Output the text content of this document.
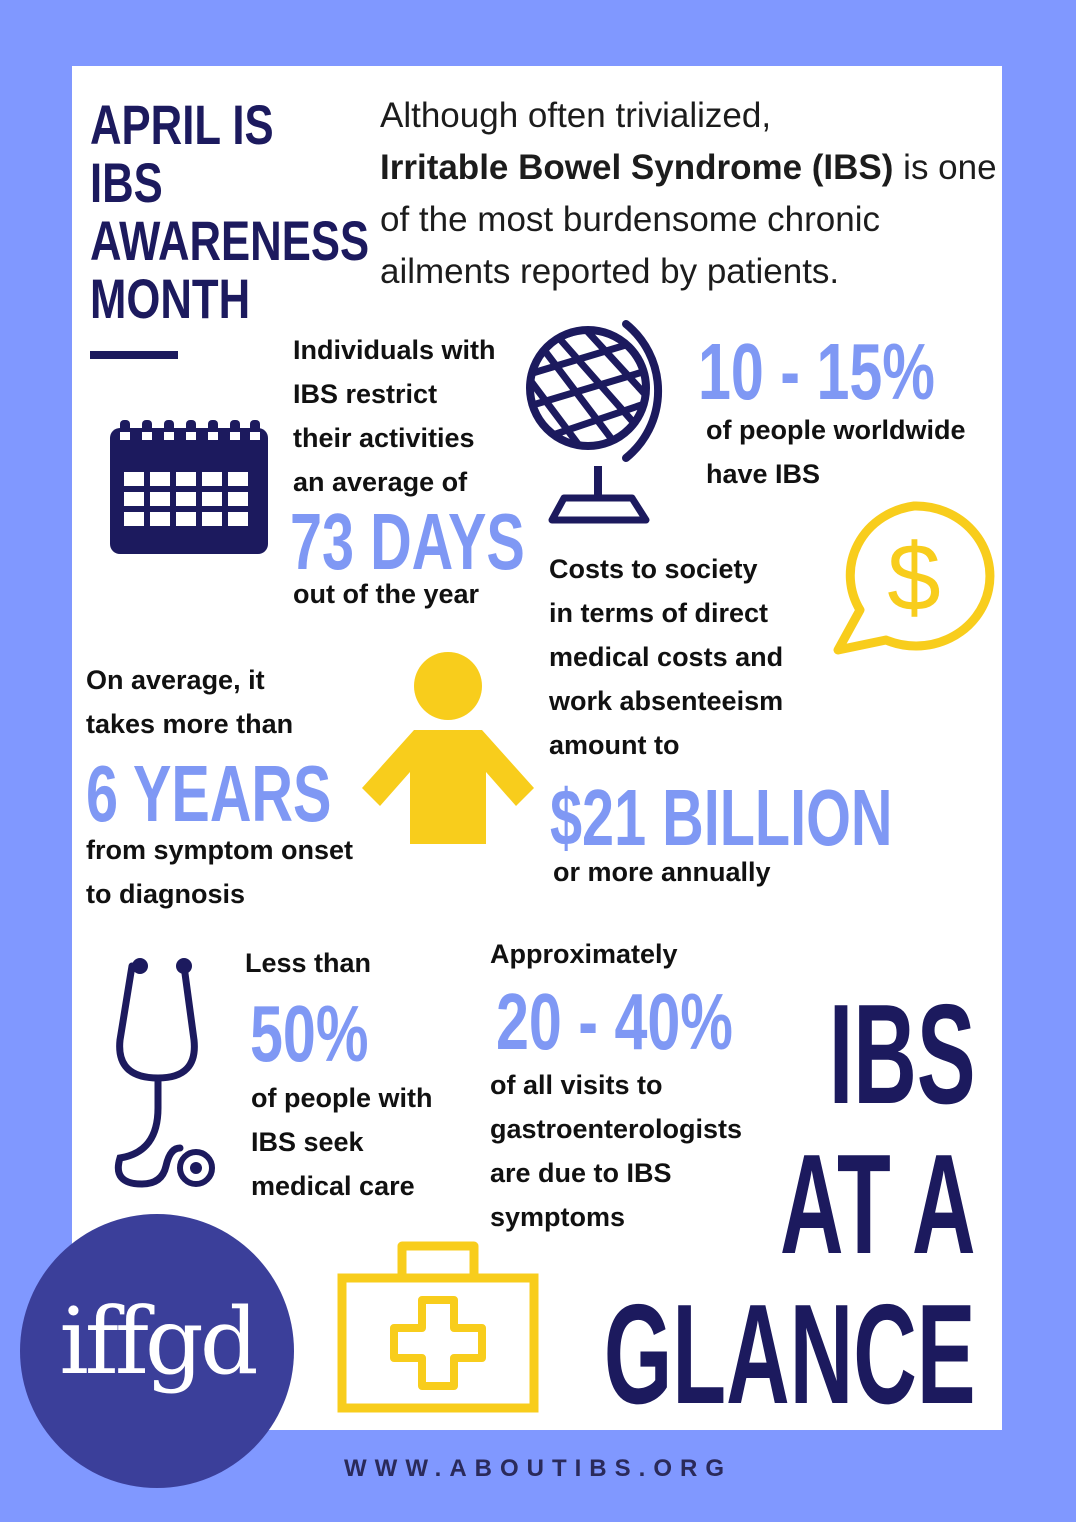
APRIL IS
IBS
AWARENESS
MONTH
Although often trivialized,
Irritable Bowel Syndrome (IBS) is one
of the most burdensome chronic
ailments reported by patients.
Individuals with
IBS restrict
their activities
an average of
73 DAYS
out of the year
10 - 15%
of people worldwide
have IBS
$
Costs to society
in terms of direct
medical costs and
work absenteeism
amount to
$21 BILLION
or more annually
On average, it
takes more than
6 YEARS
from symptom onset
to diagnosis
Less than
50%
of people with
IBS seek
medical care
Approximately
20 - 40%
of all visits to
gastroenterologists
are due to IBS
symptoms
IBS
AT A
GLANCE
iffgd
WWW.ABOUTIBS.ORG
